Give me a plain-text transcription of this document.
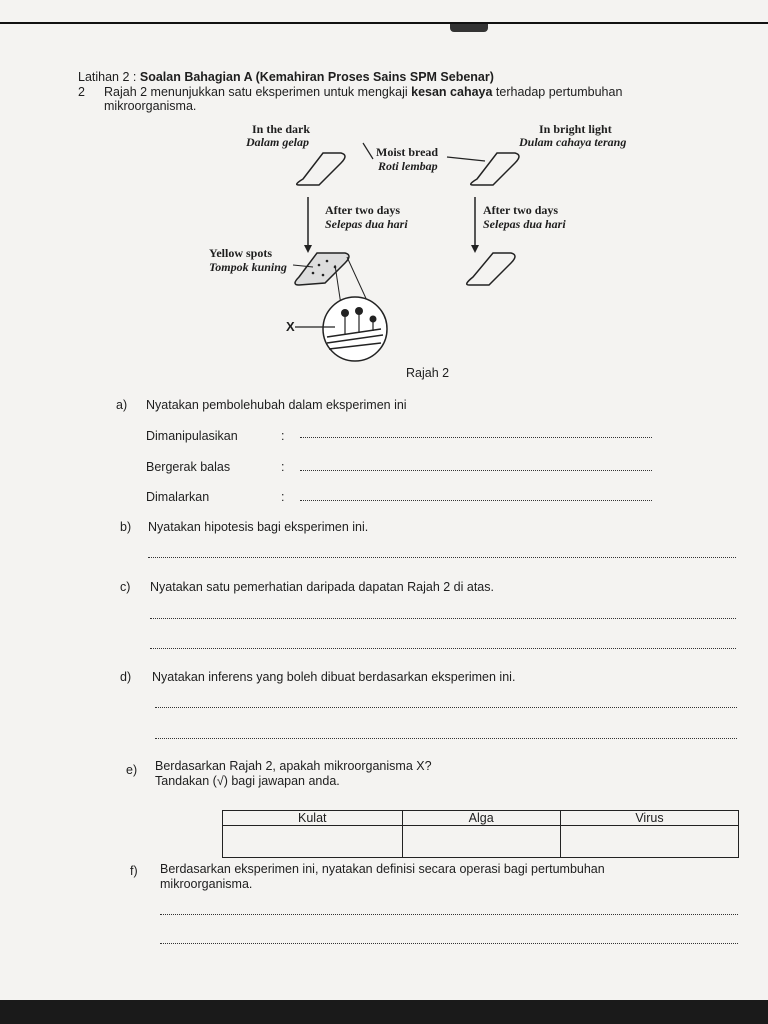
Latihan 2 : Soalan Bahagian A (Kemahiran Proses Sains SPM Sebenar)
2 Rajah 2 menunjukkan satu eksperimen untuk mengkaji kesan cahaya terhadap pertumbuhan
mikroorganisma.
In the dark
Dalam gelap
In bright light
Dulam cahaya terang
Moist bread
Roti lembap
After two days
Selepas dua hari
After two days
Selepas dua hari
Yellow spots
Tompok kuning
X
Rajah 2
a) Nyatakan pembolehubah dalam eksperimen ini
Dimanipulasikan	:
Bergerak balas	:
Dimalarkan	:
b) Nyatakan hipotesis bagi eksperimen ini.
c) Nyatakan satu pemerhatian daripada dapatan Rajah 2 di atas.
d) Nyatakan inferens yang boleh dibuat berdasarkan eksperimen ini.
e) Berdasarkan Rajah 2, apakah mikroorganisma X?
Tandakan (√) bagi jawapan anda.
Kulat	Alga	Virus

f) Berdasarkan eksperimen ini, nyatakan definisi secara operasi bagi pertumbuhan
mikroorganisma.
